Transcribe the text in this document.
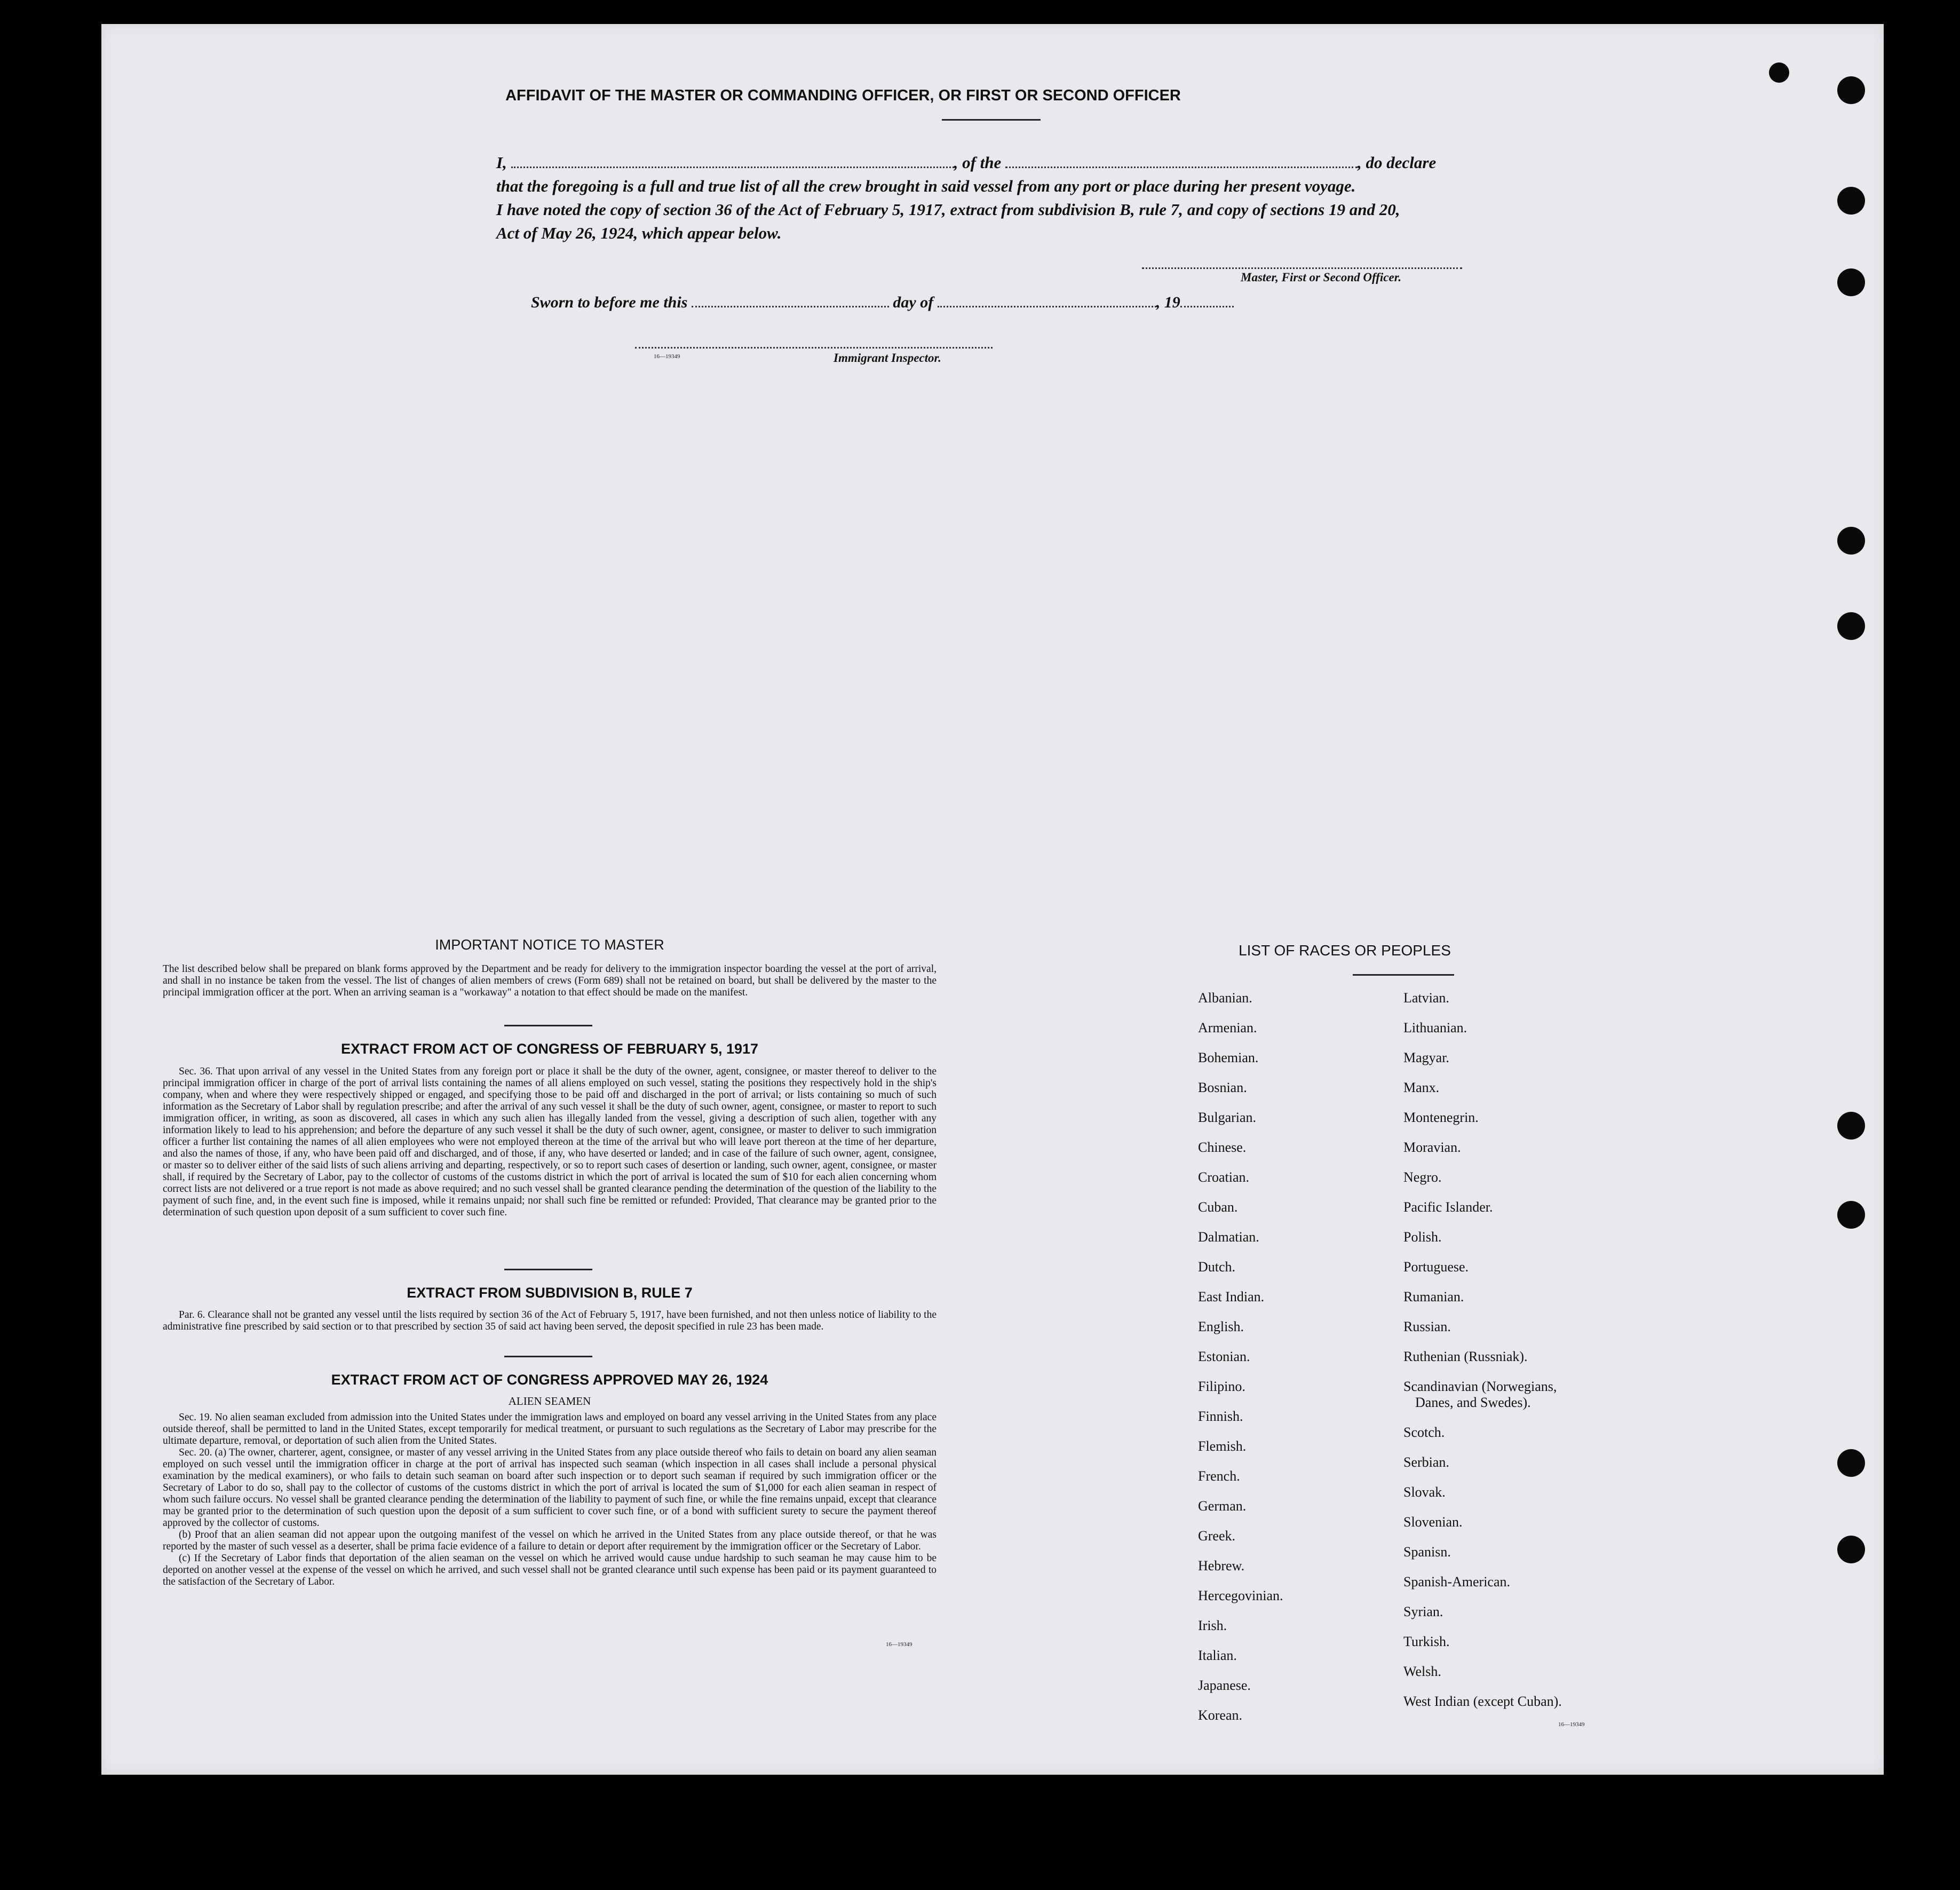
AFFIDAVIT OF THE MASTER OR COMMANDING OFFICER, OR FIRST OR SECOND OFFICER
I,	, of the	, do declare
that the foregoing is a full and true list of all the crew brought in said vessel from any port or place during her present voyage.
I have noted the copy of section 36 of the Act of February 5, 1917, extract from subdivision B, rule 7, and copy of sections 19 and 20,
Act of May 26, 1924, which appear below.
Master, First or Second Officer.
Sworn to before me this	day of	, 19
16—19349	Immigrant Inspector.
IMPORTANT NOTICE TO MASTER
The list described below shall be prepared on blank forms approved by the Department and be ready for delivery to the immigration inspector boarding the vessel at the port of arrival, and shall in no instance be taken from the vessel. The list of changes of alien members of crews (Form 689) shall not be retained on board, but shall be delivered by the master to the principal immigration officer at the port. When an arriving seaman is a "workaway" a notation to that effect should be made on the manifest.
EXTRACT FROM ACT OF CONGRESS OF FEBRUARY 5, 1917
Sec. 36. That upon arrival of any vessel in the United States from any foreign port or place it shall be the duty of the owner, agent, consignee, or master thereof to deliver to the principal immigration officer in charge of the port of arrival lists containing the names of all aliens employed on such vessel, stating the positions they respectively hold in the ship's company, when and where they were respectively shipped or engaged, and specifying those to be paid off and discharged in the port of arrival; or lists containing so much of such information as the Secretary of Labor shall by regulation prescribe; and after the arrival of any such vessel it shall be the duty of such owner, agent, consignee, or master to report to such immigration officer, in writing, as soon as discovered, all cases in which any such alien has illegally landed from the vessel, giving a description of such alien, together with any information likely to lead to his apprehension; and before the departure of any such vessel it shall be the duty of such owner, agent, consignee, or master to deliver to such immigration officer a further list containing the names of all alien employees who were not employed thereon at the time of the arrival but who will leave port thereon at the time of her departure, and also the names of those, if any, who have been paid off and discharged, and of those, if any, who have deserted or landed; and in case of the failure of such owner, agent, consignee, or master so to deliver either of the said lists of such aliens arriving and departing, respectively, or so to report such cases of desertion or landing, such owner, agent, consignee, or master shall, if required by the Secretary of Labor, pay to the collector of customs of the customs district in which the port of arrival is located the sum of $10 for each alien concerning whom correct lists are not delivered or a true report is not made as above required; and no such vessel shall be granted clearance pending the determination of the question of the liability to the payment of such fine, and, in the event such fine is imposed, while it remains unpaid; nor shall such fine be remitted or refunded: Provided, That clearance may be granted prior to the determination of such question upon deposit of a sum sufficient to cover such fine.
EXTRACT FROM SUBDIVISION B, RULE 7
Par. 6. Clearance shall not be granted any vessel until the lists required by section 36 of the Act of February 5, 1917, have been furnished, and not then unless notice of liability to the administrative fine prescribed by said section or to that prescribed by section 35 of said act having been served, the deposit specified in rule 23 has been made.
EXTRACT FROM ACT OF CONGRESS APPROVED MAY 26, 1924
ALIEN SEAMEN
Sec. 19. No alien seaman excluded from admission into the United States under the immigration laws and employed on board any vessel arriving in the United States from any place outside thereof, shall be permitted to land in the United States, except temporarily for medical treatment, or pursuant to such regulations as the Secretary of Labor may prescribe for the ultimate departure, removal, or deportation of such alien from the United States.
Sec. 20. (a) The owner, charterer, agent, consignee, or master of any vessel arriving in the United States from any place outside thereof who fails to detain on board any alien seaman employed on such vessel until the immigration officer in charge at the port of arrival has inspected such seaman (which inspection in all cases shall include a personal physical examination by the medical examiners), or who fails to detain such seaman on board after such inspection or to deport such seaman if required by such immigration officer or the Secretary of Labor to do so, shall pay to the collector of customs of the customs district in which the port of arrival is located the sum of $1,000 for each alien seaman in respect of whom such failure occurs. No vessel shall be granted clearance pending the determination of the liability to payment of such fine, or while the fine remains unpaid, except that clearance may be granted prior to the determination of such question upon the deposit of a sum sufficient to cover such fine, or of a bond with sufficient surety to secure the payment thereof approved by the collector of customs.
(b) Proof that an alien seaman did not appear upon the outgoing manifest of the vessel on which he arrived in the United States from any place outside thereof, or that he was reported by the master of such vessel as a deserter, shall be prima facie evidence of a failure to detain or deport after requirement by the immigration officer or the Secretary of Labor.
(c) If the Secretary of Labor finds that deportation of the alien seaman on the vessel on which he arrived would cause undue hardship to such seaman he may cause him to be deported on another vessel at the expense of the vessel on which he arrived, and such vessel shall not be granted clearance until such expense has been paid or its payment guaranteed to the satisfaction of the Secretary of Labor.
16—19349
LIST OF RACES OR PEOPLES
Albanian.
Armenian.
Bohemian.
Bosnian.
Bulgarian.
Chinese.
Croatian.
Cuban.
Dalmatian.
Dutch.
East Indian.
English.
Estonian.
Filipino.
Finnish.
Flemish.
French.
German.
Greek.
Hebrew.
Hercegovinian.
Irish.
Italian.
Japanese.
Korean.
Latvian.
Lithuanian.
Magyar.
Manx.
Montenegrin.
Moravian.
Negro.
Pacific Islander.
Polish.
Portuguese.
Rumanian.
Russian.
Ruthenian (Russniak).
Scandinavian (Norwegians,
Danes, and Swedes).
Scotch.
Serbian.
Slovak.
Slovenian.
Spanisn.
Spanish-American.
Syrian.
Turkish.
Welsh.
West Indian (except Cuban).
16—19349
